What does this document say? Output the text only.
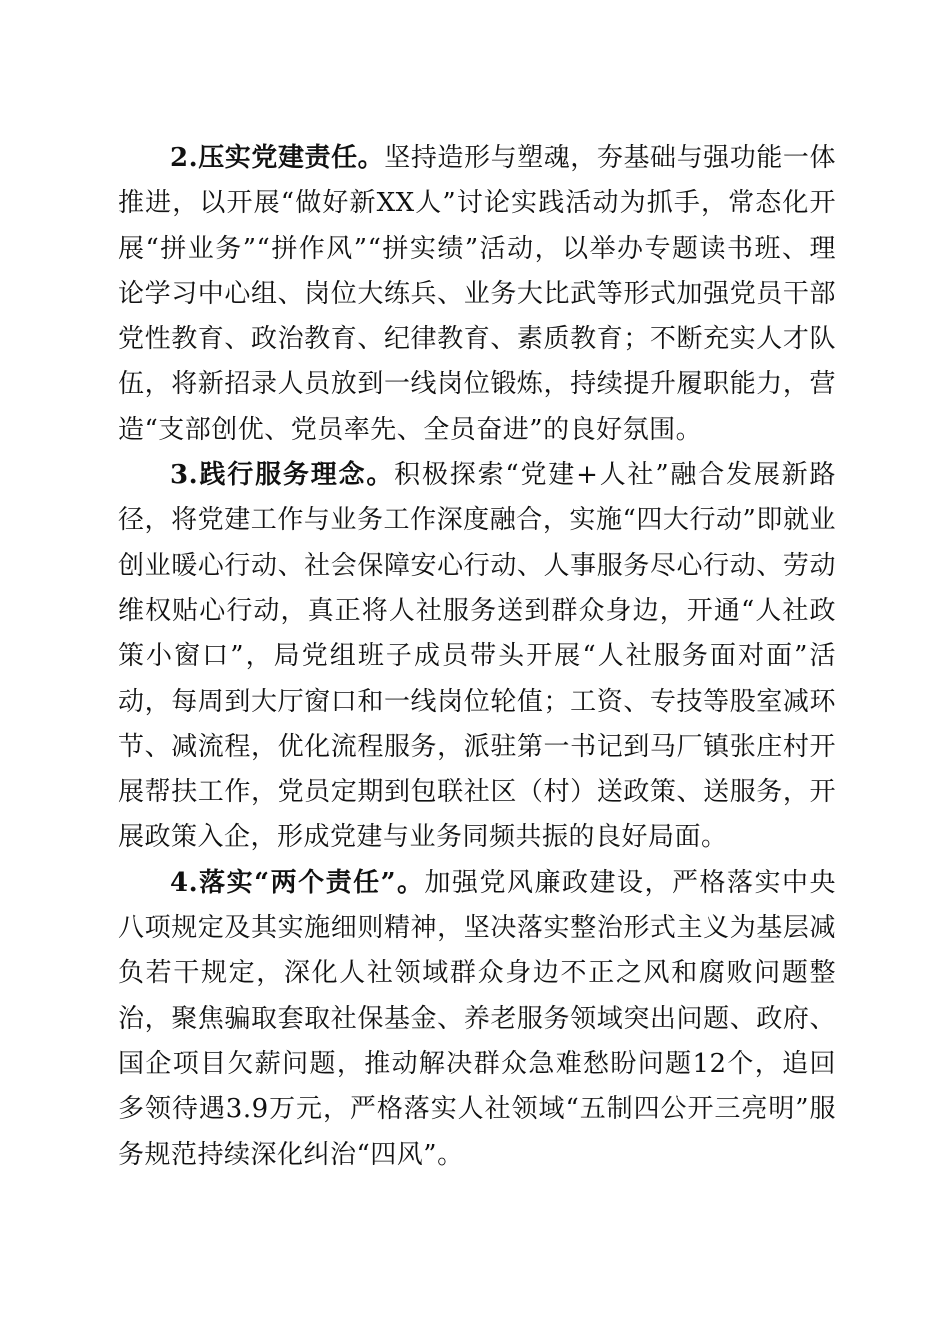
2.压实党建责任。坚持造形与塑魂，夯基础与强功能一体推进，以开展“做好新XX人”讨论实践活动为抓手，常态化开展“拼业务”“拼作风”“拼实绩”活动，以举办专题读书班、理论学习中心组、岗位大练兵、业务大比武等形式加强党员干部党性教育、政治教育、纪律教育、素质教育；不断充实人才队伍，将新招录人员放到一线岗位锻炼，持续提升履职能力，营造“支部创优、党员率先、全员奋进”的良好氛围。

3.践行服务理念。积极探索“党建+人社”融合发展新路径，将党建工作与业务工作深度融合，实施“四大行动”即就业创业暖心行动、社会保障安心行动、人事服务尽心行动、劳动维权贴心行动，真正将人社服务送到群众身边，开通“人社政策小窗口”，局党组班子成员带头开展“人社服务面对面”活动，每周到大厅窗口和一线岗位轮值；工资、专技等股室减环节、减流程，优化流程服务，派驻第一书记到马厂镇张庄村开展帮扶工作，党员定期到包联社区（村）送政策、送服务，开展政策入企，形成党建与业务同频共振的良好局面。

4.落实“两个责任”。加强党风廉政建设，严格落实中央八项规定及其实施细则精神，坚决落实整治形式主义为基层减负若干规定，深化人社领域群众身边不正之风和腐败问题整治，聚焦骗取套取社保基金、养老服务领域突出问题、政府、国企项目欠薪问题，推动解决群众急难愁盼问题12个，追回多领待遇3.9万元，严格落实人社领域“五制四公开三亮明”服务规范持续深化纠治“四风”。
